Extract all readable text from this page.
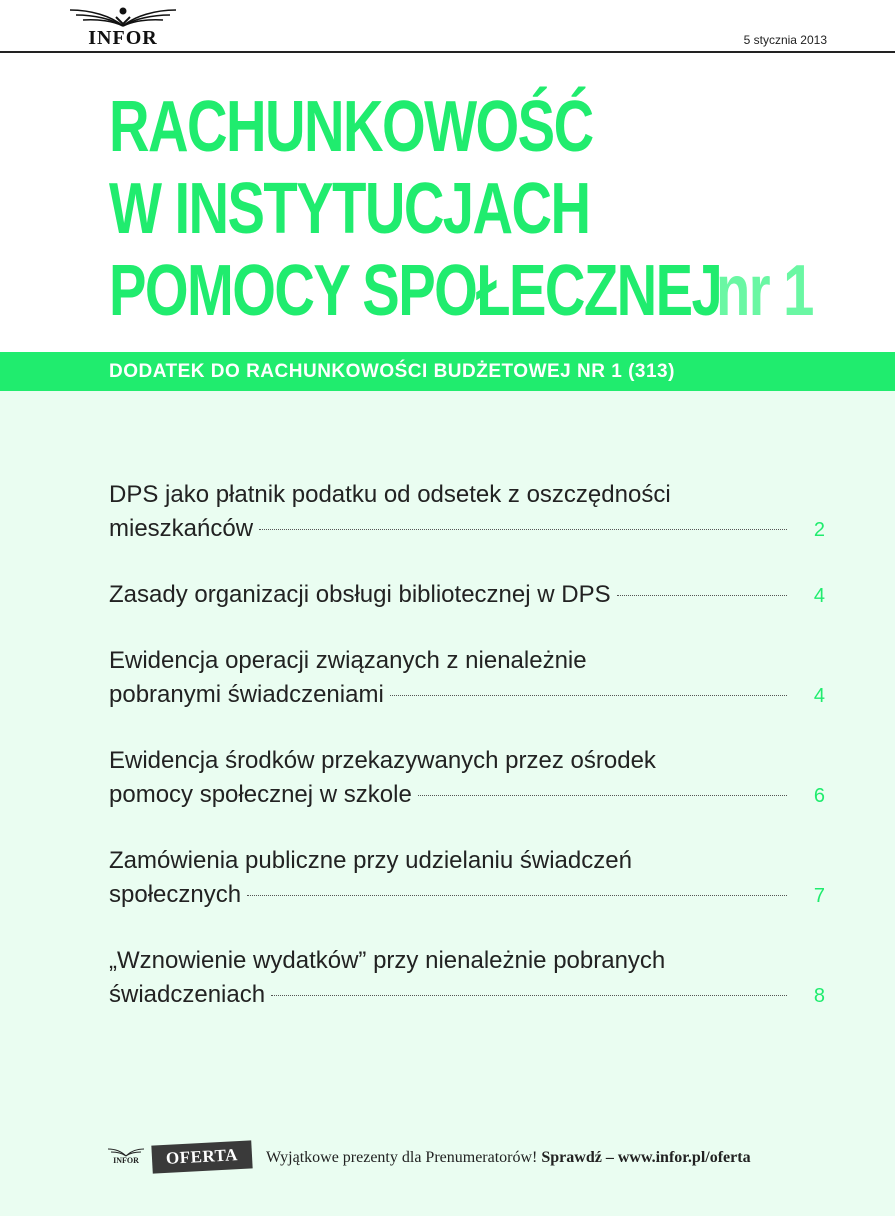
INFOR	5 stycznia 2013
RACHUNKOWOŚĆ
W INSTYTUCJACH
POMOCY SPOŁECZNEJ
nr 1
DODATEK DO RACHUNKOWOŚCI BUDŻETOWEJ NR 1 (313)
DPS jako płatnik podatku od odsetek z oszczędności
mieszkańców	2
Zasady organizacji obsługi bibliotecznej w DPS	4
Ewidencja operacji związanych z nienależnie
pobranymi świadczeniami	4
Ewidencja środków przekazywanych przez ośrodek
pomocy społecznej w szkole	6
Zamówienia publiczne przy udzielaniu świadczeń
społecznych	7
„Wznowienie wydatków” przy nienależnie pobranych
świadczeniach	8
INFOR	OFERTA	Wyjątkowe prezenty dla Prenumeratorów! Sprawdź – www.infor.pl/oferta
